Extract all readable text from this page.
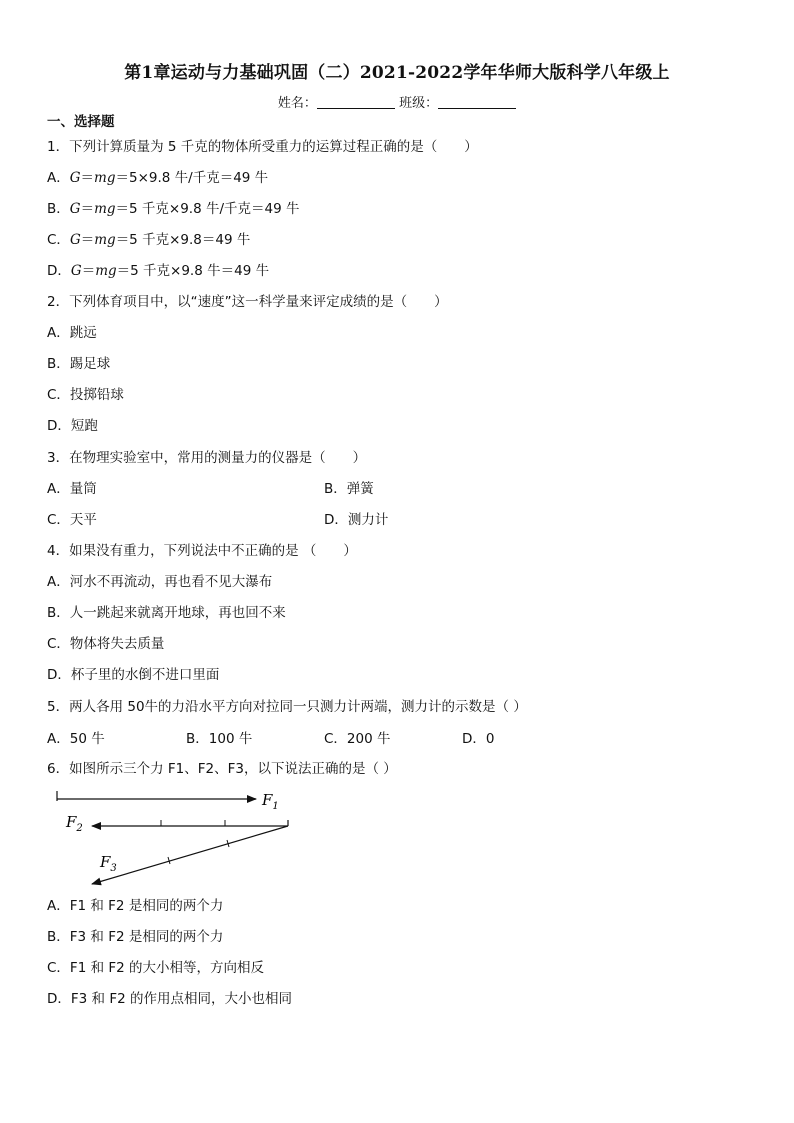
第1章运动与力基础巩固（二）2021-2022学年华师大版科学八年级上
姓名：	班级：
一、选择题
1．下列计算质量为 5 千克的物体所受重力的运算过程正确的是（　　）
A．G＝mg＝5×9.8 牛/千克＝49 牛
B．G＝mg＝5 千克×9.8 牛/千克＝49 牛
C．G＝mg＝5 千克×9.8＝49 牛
D．G＝mg＝5 千克×9.8 牛＝49 牛
2．下列体育项目中，以“速度”这一科学量来评定成绩的是（　　）
A．跳远
B．踢足球
C．投掷铅球
D．短跑
3．在物理实验室中，常用的测量力的仪器是（　　）
A．量筒	B．弹簧
C．天平	D．测力计
4．如果没有重力，下列说法中不正确的是 （　　）
A．河水不再流动，再也看不见大瀑布
B．人一跳起来就离开地球，再也回不来
C．物体将失去质量
D．杯子里的水倒不进口里面
5．两人各用 50牛的力沿水平方向对拉同一只测力计两端，测力计的示数是（ ）
A．50 牛	B．100 牛	C．200 牛	D．0
6．如图所示三个力 F1、F2、F3，以下说法正确的是（ ）
$F_1$
$F_2$
$F_3$
A．F1 和 F2 是相同的两个力
B．F3 和 F2 是相同的两个力
C．F1 和 F2 的大小相等，方向相反
D．F3 和 F2 的作用点相同，大小也相同
